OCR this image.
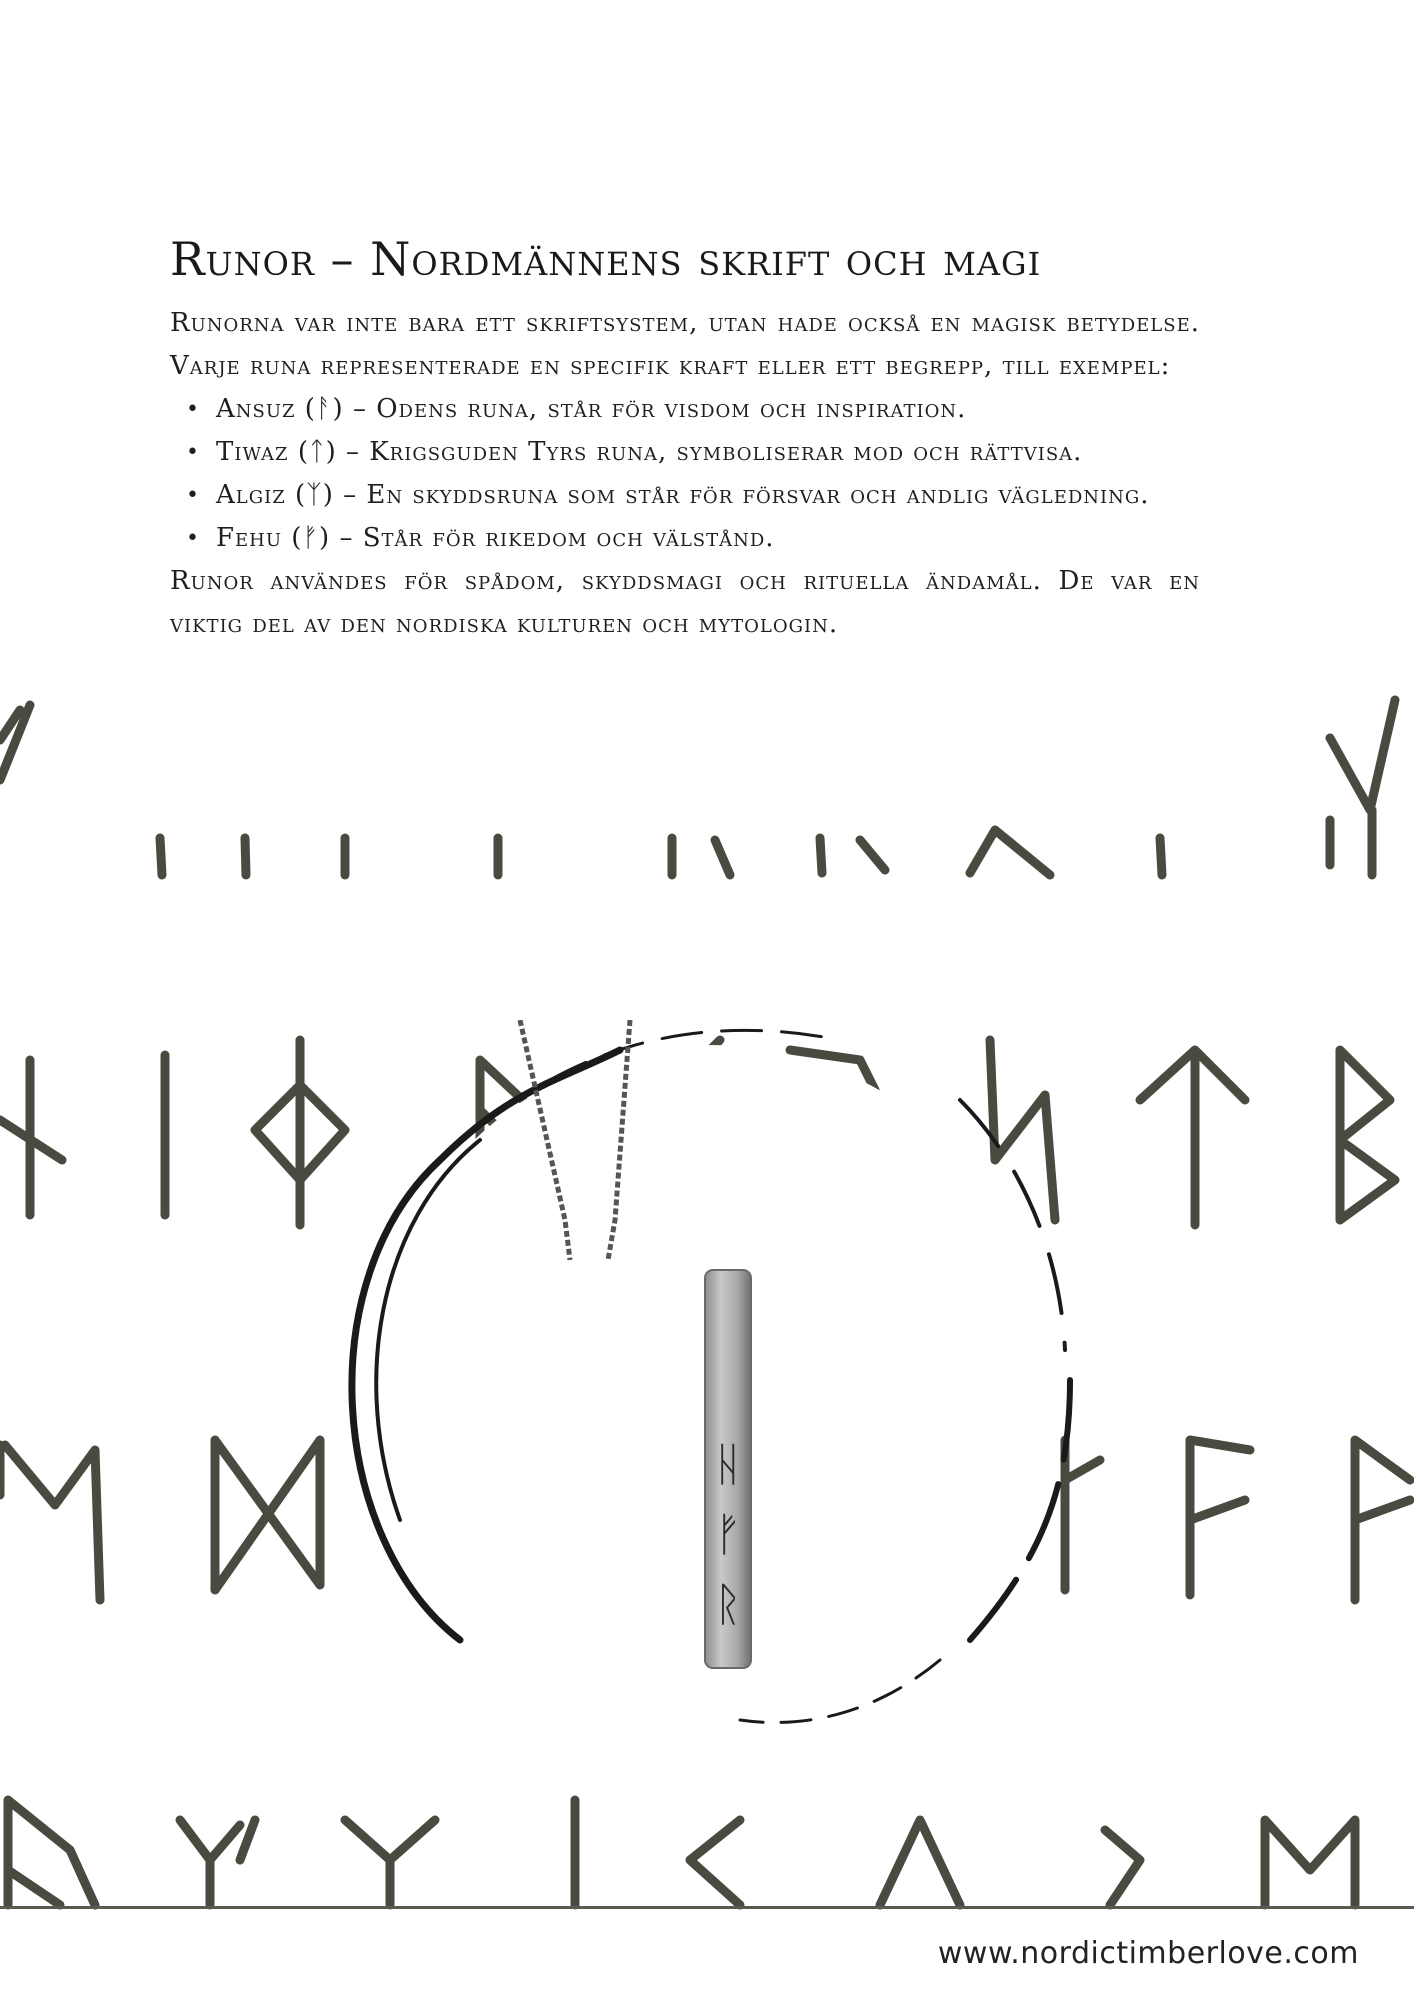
ᚺ
ᚠ
ᚱ
Runor – Nordmännens skrift och magi

Runorna var inte bara ett skriftsystem, utan hade också en magisk betydelse. Varje runa representerade en specifik kraft eller ett begrepp, till exempel:

• Ansuz (ᚨ) – Odens runa, står för visdom och inspiration.
• Tiwaz (ᛏ) – Krigsguden Tyrs runa, symboliserar mod och rättvisa.
• Algiz (ᛉ) – En skyddsruna som står för försvar och andlig vägledning.
• Fehu (ᚠ) – Står för rikedom och välstånd.

Runor användes för spådom, skyddsmagi och rituella ändamål. De var en viktig del av den nordiska kulturen och mytologin.

www.nordictimberlove.com
